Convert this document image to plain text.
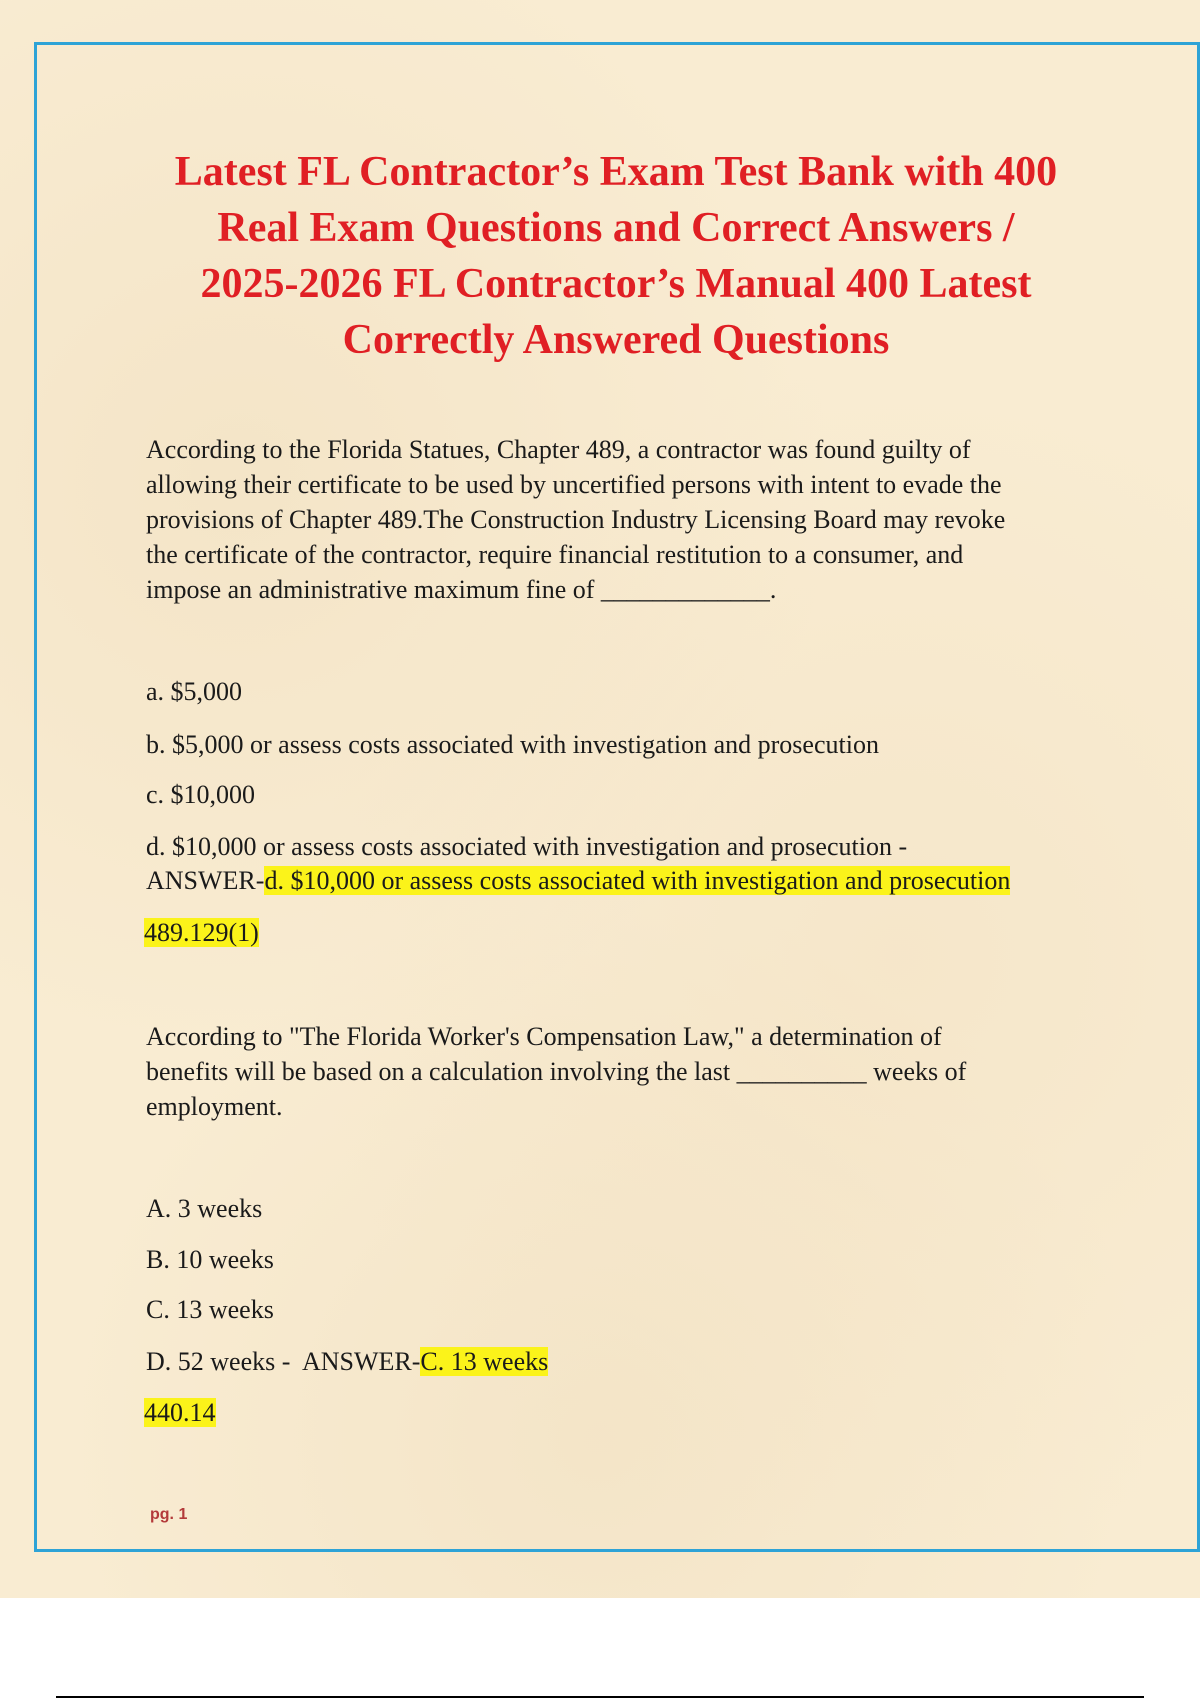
Latest FL Contractor’s Exam Test Bank with 400
Real Exam Questions and Correct Answers /
2025-2026 FL Contractor’s Manual 400 Latest
Correctly Answered Questions
According to the Florida Statues, Chapter 489, a contractor was found guilty of
allowing their certificate to be used by uncertified persons with intent to evade the
provisions of Chapter 489.The Construction Industry Licensing Board may revoke
the certificate of the contractor, require financial restitution to a consumer, and
impose an administrative maximum fine of _____________.
a. $5,000
b. $5,000 or assess costs associated with investigation and prosecution
c. $10,000
d. $10,000 or assess costs associated with investigation and prosecution -
ANSWER-d. $10,000 or assess costs associated with investigation and prosecution
489.129(1)
According to "The Florida Worker's Compensation Law," a determination of
benefits will be based on a calculation involving the last __________ weeks of
employment.
A. 3 weeks
B. 10 weeks
C. 13 weeks
D. 52 weeks -  ANSWER-C. 13 weeks
440.14
pg. 1
